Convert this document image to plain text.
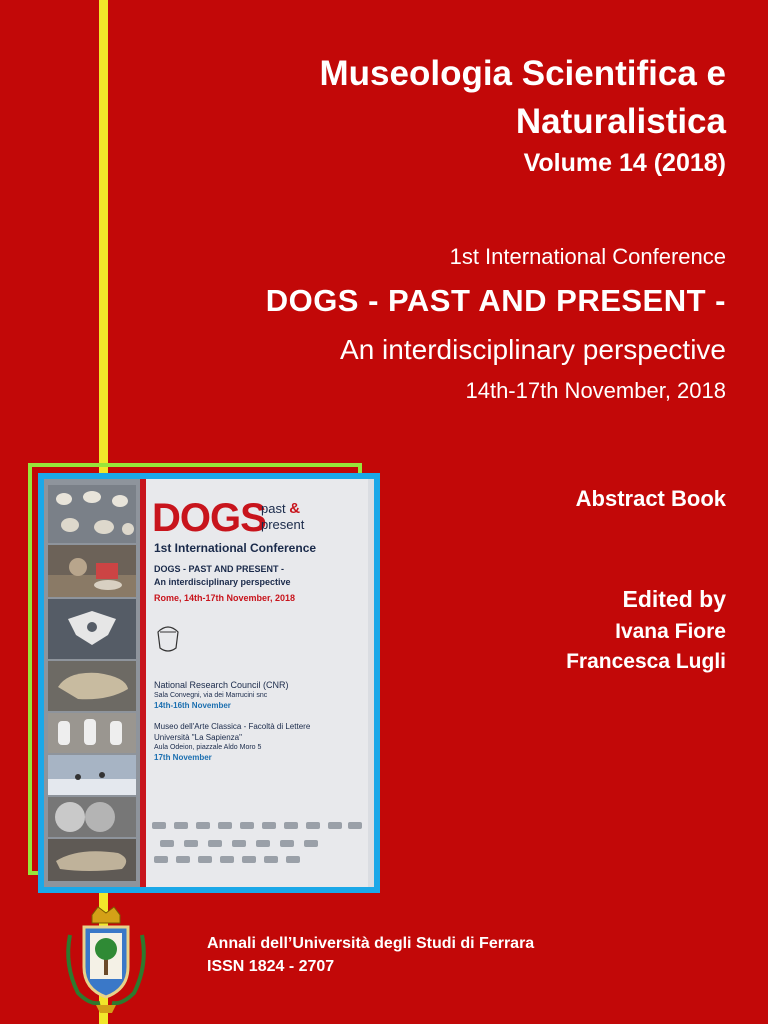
Museologia Scientifica e
Naturalistica
Volume 14 (2018)
1st International Conference
DOGS - PAST AND PRESENT -
An interdisciplinary perspective
14th-17th November, 2018
Abstract Book
Edited by
Ivana Fiore
Francesca Lugli
DOGS
past &
present
1st International Conference
DOGS - PAST AND PRESENT -
An interdisciplinary perspective
Rome, 14th-17th November, 2018
National Research Council (CNR)
Sala Convegni, via dei Marrucini snc
14th-16th November
Museo dell'Arte Classica - Facoltà di Lettere
Università "La Sapienza"
Aula Odeion, piazzale Aldo Moro 5
17th November
Annali dell’Università degli Studi di Ferrara
ISSN 1824 - 2707
